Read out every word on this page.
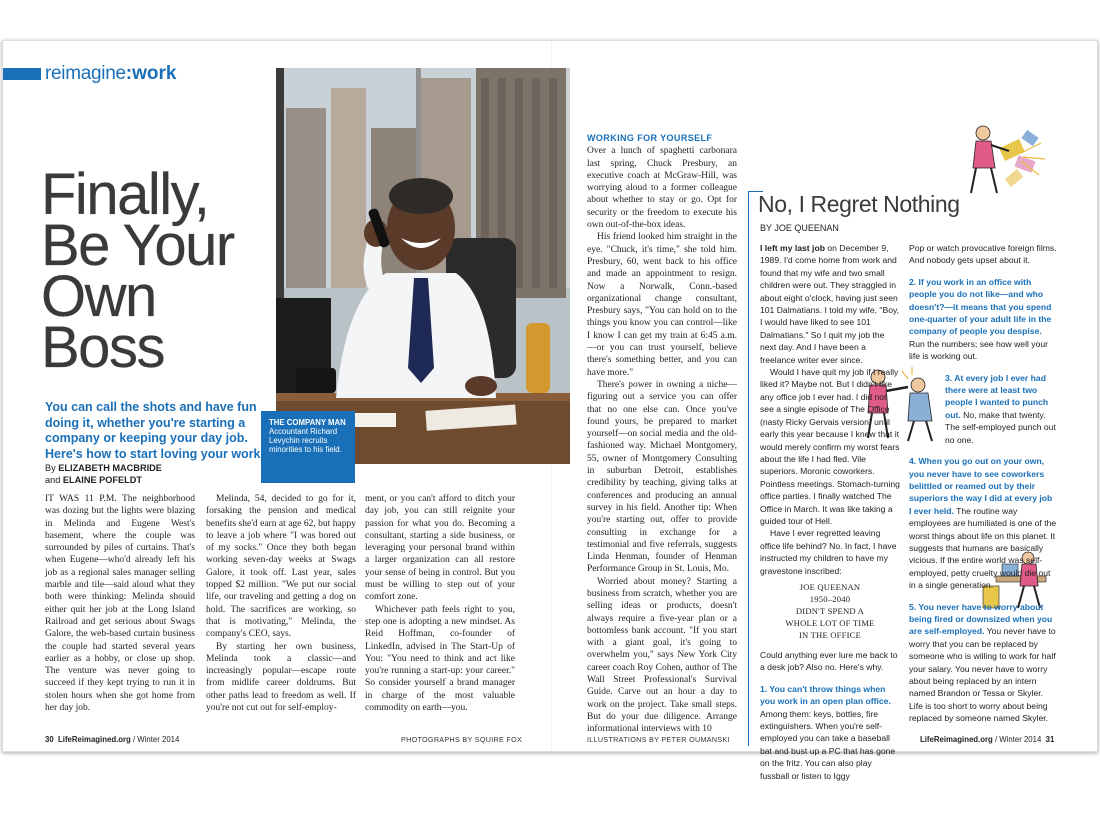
reimagine : work
Finally,
Be Your
Own
Boss
You can call the shots and have fun doing it, whether you're starting a company or keeping your day job. Here's how to start loving your work
By ELIZABETH MACBRIDE
and ELAINE POFELDT
THE COMPANY MAN
Accountant Richard Levychin recruits minorities to his field.

IT WAS 11 P.M. The neighborhood was dozing but the lights were blazing in Melinda and Eugene West's basement, where the couple was surrounded by piles of curtains. That's when Eugene—who'd already left his job as a regional sales manager selling marble and tile—said aloud what they both were thinking: Melinda should either quit her job at the Long Island Railroad and get serious about Swags Galore, the web-based curtain business the couple had started several years earlier as a hobby, or close up shop. The venture was never going to succeed if they kept trying to run it in stolen hours when she got home from her day job.

Melinda, 54, decided to go for it, forsaking the pension and medical benefits she'd earn at age 62, but happy to leave a job where "I was bored out of my socks." Once they both began working seven-day weeks at Swags Galore, it took off. Last year, sales topped $2 million. "We put our social life, our traveling and getting a dog on hold. The sacrifices are working, so that is motivating," Melinda, the company's CEO, says.

By starting her own business, Melinda took a classic—and increasingly popular—escape route from midlife career doldrums. But other paths lead to freedom as well. If you're not cut out for self-employ-

ment, or you can't afford to ditch your day job, you can still reignite your passion for what you do. Becoming a consultant, starting a side business, or leveraging your personal brand within a larger organization can all restore your sense of being in control. But you must be willing to step out of your comfort zone.

Whichever path feels right to you, step one is adopting a new mindset. As Reid Hoffman, co-founder of LinkedIn, advised in The Start-Up of You: "You need to think and act like you're running a start-up: your career." So consider yourself a brand manager in charge of the most valuable commodity on earth—you.

WORKING FOR YOURSELF

Over a lunch of spaghetti carbonara last spring, Chuck Presbury, an executive coach at McGraw-Hill, was worrying aloud to a former colleague about whether to stay or go. Opt for security or the freedom to execute his own out-of-the-box ideas.

His friend looked him straight in the eye. "Chuck, it's time," she told him. Presbury, 60, went back to his office and made an appointment to resign. Now a Norwalk, Conn.-based organizational change consultant, Presbury says, "You can hold on to the things you know you can control—like I know I can get my train at 6:45 a.m.—or you can trust yourself, believe there's something better, and you can have more."

There's power in owning a niche—figuring out a service you can offer that no one else can. Once you've found yours, be prepared to market yourself—on social media and the old-fashioned way. Michael Montgomery, 55, owner of Montgomery Consulting in suburban Detroit, establishes credibility by teaching, giving talks at conferences and producing an annual survey in his field. Another tip: When you're starting out, offer to provide consulting in exchange for a testimonial and five referrals, suggests Linda Henman, founder of Henman Performance Group in St. Louis, Mo.

Worried about money? Starting a business from scratch, whether you are selling ideas or products, doesn't always require a five-year plan or a bottomless bank account. "If you start with a giant goal, it's going to overwhelm you," says New York City career coach Roy Cohen, author of The Wall Street Professional's Survival Guide. Carve out an hour a day to work on the project. Take small steps. But do your due diligence. Arrange informational interviews with 10

No, I Regret Nothing
BY JOE QUEENAN

I left my last job on December 9, 1989. I'd come home from work and found that my wife and two small children were out. They straggled in about eight o'clock, having just seen 101 Dalmatians. I told my wife, "Boy, I would have liked to see 101 Dalmatians." So I quit my job the next day. And I have been a freelance writer ever since.

Would I have quit my job if I really liked it? Maybe not. But I didn't like any office job I ever had. I did not see a single episode of The Office (nasty Ricky Gervais version) until early this year because I knew that it would merely confirm my worst fears about the life I had fled. Vile superiors. Moronic coworkers. Pointless meetings. Stomach-turning office parties. I finally watched The Office in March. It was like taking a guided tour of Hell.

Have I ever regretted leaving office life behind? No. In fact, I have instructed my children to have my gravestone inscribed:

JOE QUEENAN
1950–2040
DIDN'T SPEND A
WHOLE LOT OF TIME
IN THE OFFICE

Could anything ever lure me back to a desk job? Also no. Here's why.

1. You can't throw things when you work in an open plan office. Among them: keys, bottles, fire extinguishers. When you're self-employed you can take a baseball bat and bust up a PC that has gone on the fritz. You can also play fussball or listen to Iggy

Pop or watch provocative foreign films. And nobody gets upset about it.

2. If you work in an office with people you do not like—and who doesn't?—it means that you spend one-quarter of your adult life in the company of people you despise. Run the numbers; see how well your life is working out.

3. At every job I ever had there were at least two people I wanted to punch out. No, make that twenty. The self-employed punch out no one.

4. When you go out on your own, you never have to see coworkers belittled or reamed out by their superiors the way I did at every job I ever held. The routine way employees are humiliated is one of the worst things about life on this planet. It suggests that humans are basically vicious. If the entire world was self-employed, petty cruelty would die out in a single generation.

5. You never have to worry about being fired or downsized when you are self-employed. You never have to worry that you can be replaced by someone who is willing to work for half your salary. You never have to worry about being replaced by an intern named Brandon or Tessa or Skyler. Life is too short to worry about being replaced by someone named Skyler.

30 LifeReimagined.org / Winter 2014	PHOTOGRAPHS BY SQUIRE FOX	ILLUSTRATIONS BY PETER OUMANSKI	LifeReimagined.org / Winter 2014 31
